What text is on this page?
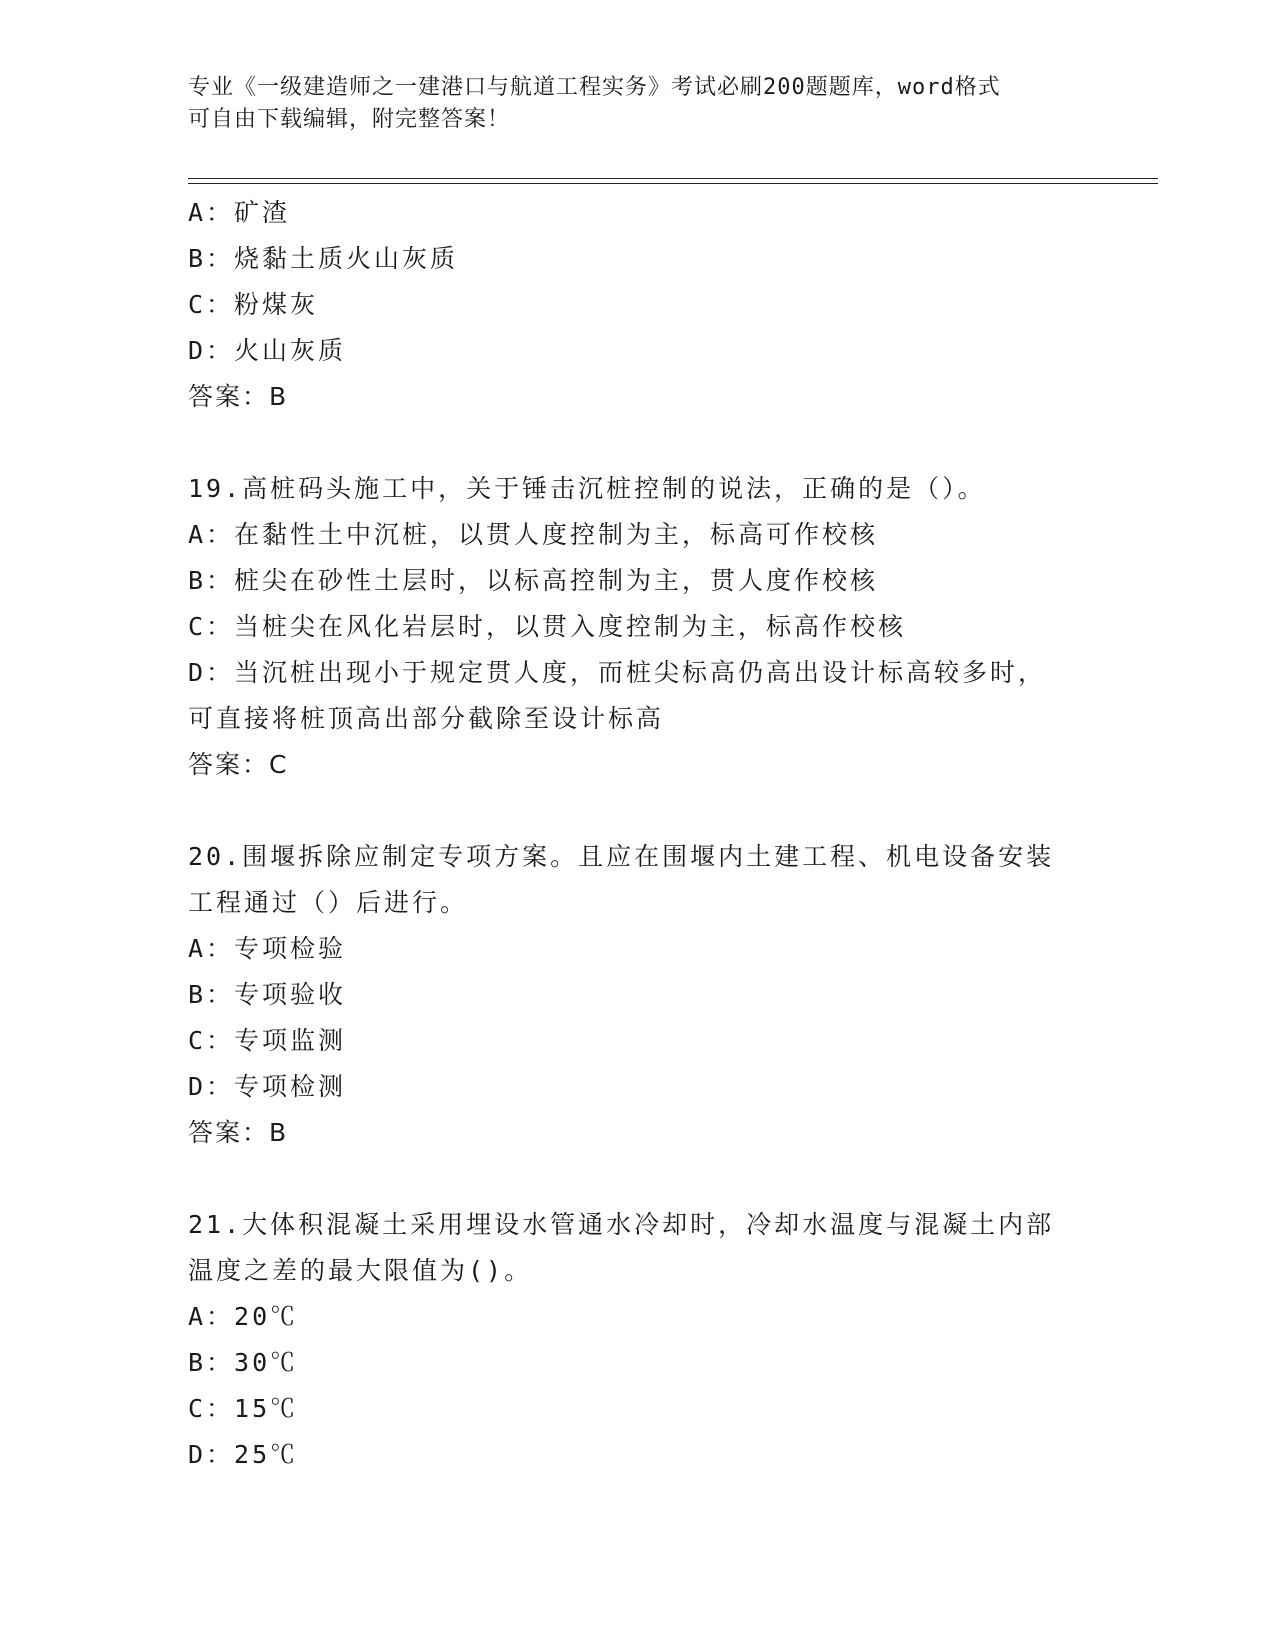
专业《一级建造师之一建港口与航道工程实务》考试必刷200题题库，word格式
可自由下载编辑，附完整答案！
A：矿渣
B：烧黏土质火山灰质
C：粉煤灰
D：火山灰质
答案：B
19.高桩码头施工中，关于锤击沉桩控制的说法，正确的是（）。
A：在黏性土中沉桩，以贯人度控制为主，标高可作校核
B：桩尖在砂性土层时，以标高控制为主，贯人度作校核
C：当桩尖在风化岩层时，以贯入度控制为主，标高作校核
D：当沉桩出现小于规定贯人度，而桩尖标高仍高出设计标高较多时，
可直接将桩顶高出部分截除至设计标高
答案：C
20.围堰拆除应制定专项方案。且应在围堰内土建工程、机电设备安装
工程通过（）后进行。
A：专项检验
B：专项验收
C：专项监测
D：专项检测
答案：B
21.大体积混凝土采用埋设水管通水冷却时，冷却水温度与混凝土内部
温度之差的最大限值为()。
A：20℃
B：30℃
C：15℃
D：25℃
